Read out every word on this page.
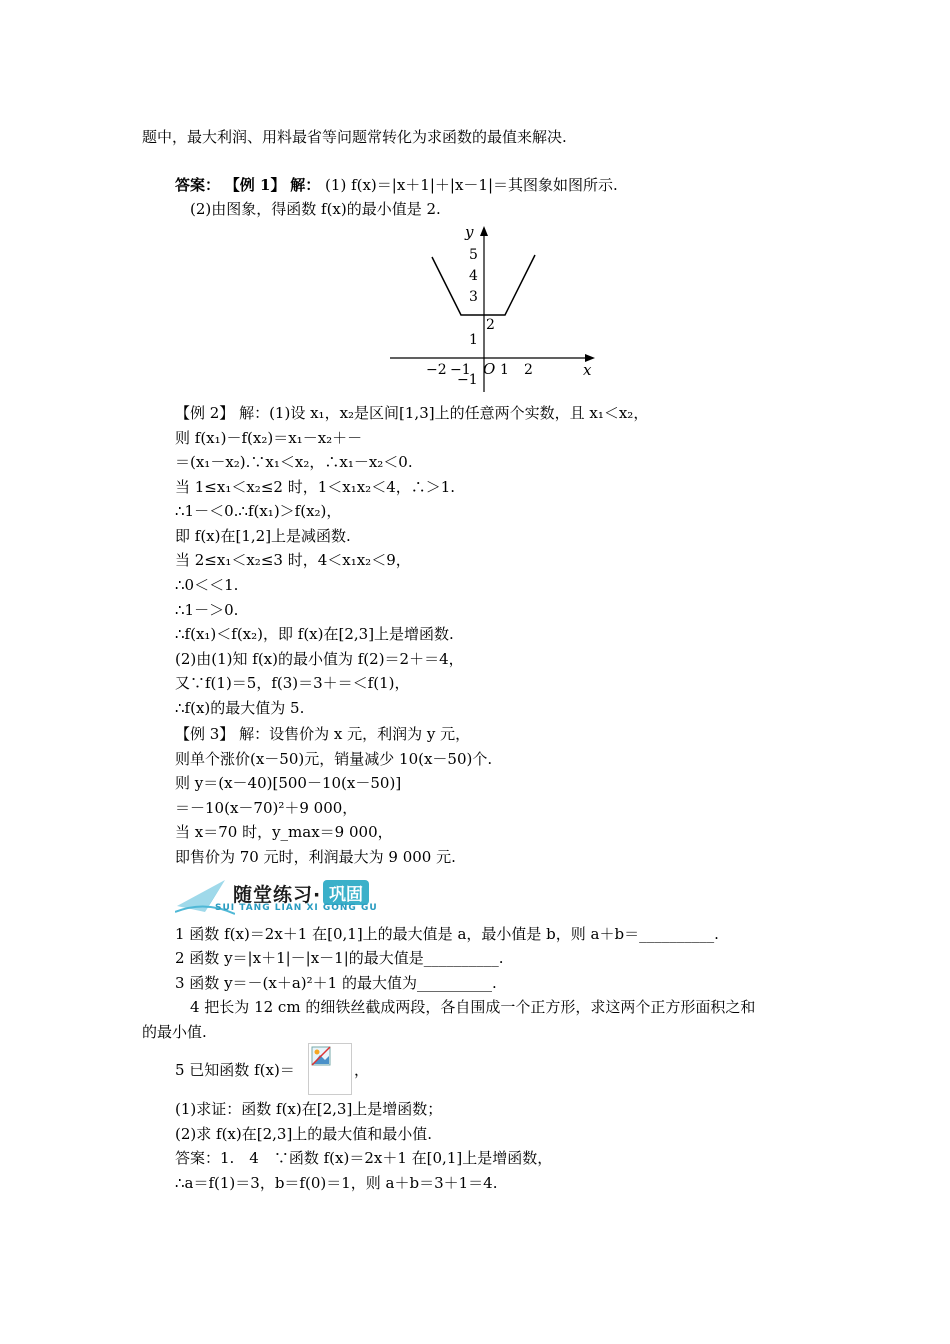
题中，最大利润、用料最省等问题常转化为求函数的最值来解决.
答案： 【例 1】 解： (1) f(x)＝|x＋1|＋|x－1|＝其图象如图所示.
(2)由图象，得函数 f(x)的最小值是 2.
y
x
O
5
4
3
2
1
−1
−2 −1 1 2
【例 2】 解：(1)设 x₁，x₂是区间[1,3]上的任意两个实数，且 x₁＜x₂，
则 f(x₁)－f(x₂)＝x₁－x₂＋－
＝(x₁－x₂).∵x₁＜x₂，∴x₁－x₂＜0.
当 1≤x₁＜x₂≤2 时，1＜x₁x₂＜4，∴＞1.
∴1－＜0.∴f(x₁)＞f(x₂)，
即 f(x)在[1,2]上是减函数.
当 2≤x₁＜x₂≤3 时，4＜x₁x₂＜9，
∴0＜＜1.
∴1－＞0.
∴f(x₁)＜f(x₂)，即 f(x)在[2,3]上是增函数.
(2)由(1)知 f(x)的最小值为 f(2)＝2＋＝4，
又∵f(1)＝5，f(3)＝3＋＝＜f(1)，
∴f(x)的最大值为 5.
【例 3】 解：设售价为 x 元，利润为 y 元，
则单个涨价(x－50)元，销量减少 10(x－50)个.
则 y＝(x－40)[500－10(x－50)]
＝－10(x－70)²＋9 000，
当 x＝70 时，y_max＝9 000，
即售价为 70 元时，利润最大为 9 000 元.
随堂练习· 巩固
SUI TANG LIAN XI GONG GU
1 函数 f(x)＝2x＋1 在[0,1]上的最大值是 a，最小值是 b，则 a＋b＝__________.
2 函数 y＝|x＋1|－|x－1|的最大值是__________.
3 函数 y＝－(x＋a)²＋1 的最大值为__________.
4 把长为 12 cm 的细铁丝截成两段，各自围成一个正方形，求这两个正方形面积之和
的最小值.
5 已知函数 f(x)＝	，
(1)求证：函数 f(x)在[2,3]上是增函数；
(2)求 f(x)在[2,3]上的最大值和最小值.
答案：1.　4　∵函数 f(x)＝2x＋1 在[0,1]上是增函数，
∴a＝f(1)＝3，b＝f(0)＝1，则 a＋b＝3＋1＝4.
